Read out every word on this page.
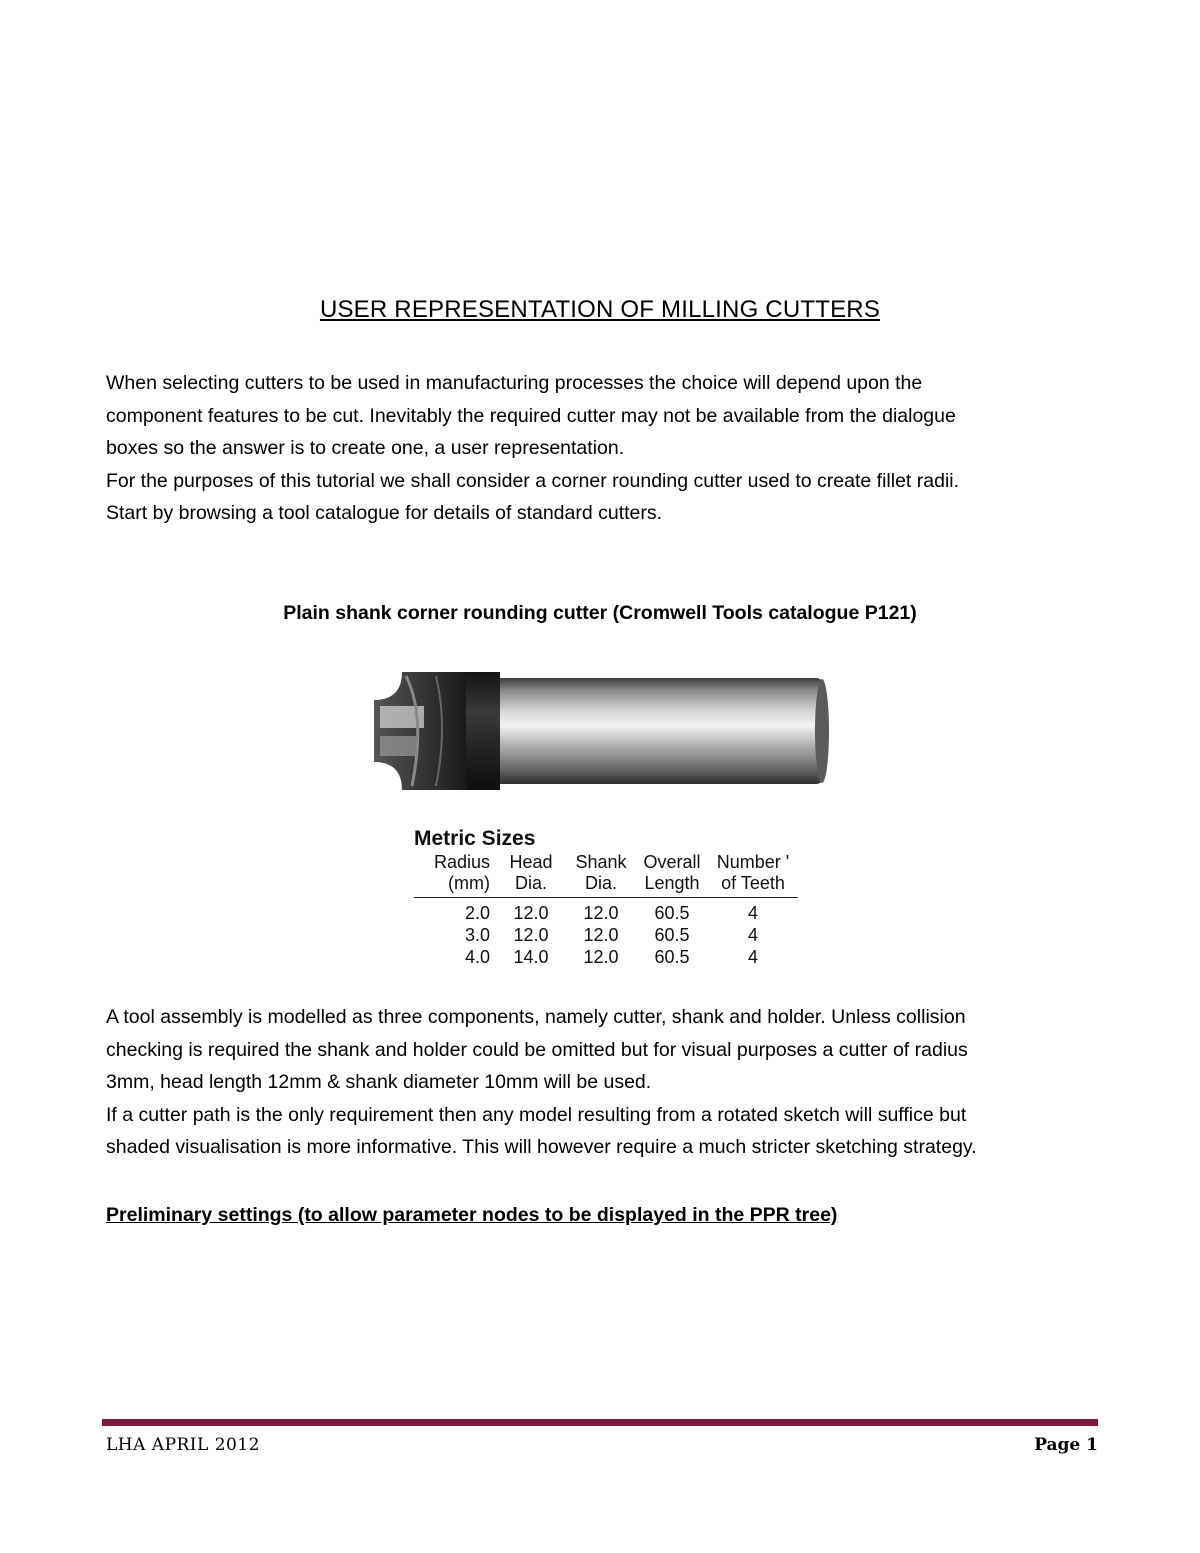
USER REPRESENTATION OF MILLING CUTTERS
When selecting cutters to be used in manufacturing processes the choice will depend upon the
component features to be cut. Inevitably the required cutter may not be available from the dialogue
boxes so the answer is to create one, a user representation.
For the purposes of this tutorial we shall consider a corner rounding cutter used to create fillet radii.
Start by browsing a tool catalogue for details of standard cutters.
Plain shank corner rounding cutter (Cromwell Tools catalogue P121)
Metric Sizes
Radius	Head	Shank	Overall	Number '
(mm)	Dia.	Dia.	Length	of Teeth
2.0	12.0	12.0	60.5	4
3.0	12.0	12.0	60.5	4
4.0	14.0	12.0	60.5	4
A tool assembly is modelled as three components, namely cutter, shank and holder. Unless collision
checking is required the shank and holder could be omitted but for visual purposes a cutter of radius
3mm, head length 12mm & shank diameter 10mm will be used.
If a cutter path is the only requirement then any model resulting from a rotated sketch will suffice but
shaded visualisation is more informative. This will however require a much stricter sketching strategy.
Preliminary settings (to allow parameter nodes to be displayed in the PPR tree)
LHA APRIL 2012	Page 1
